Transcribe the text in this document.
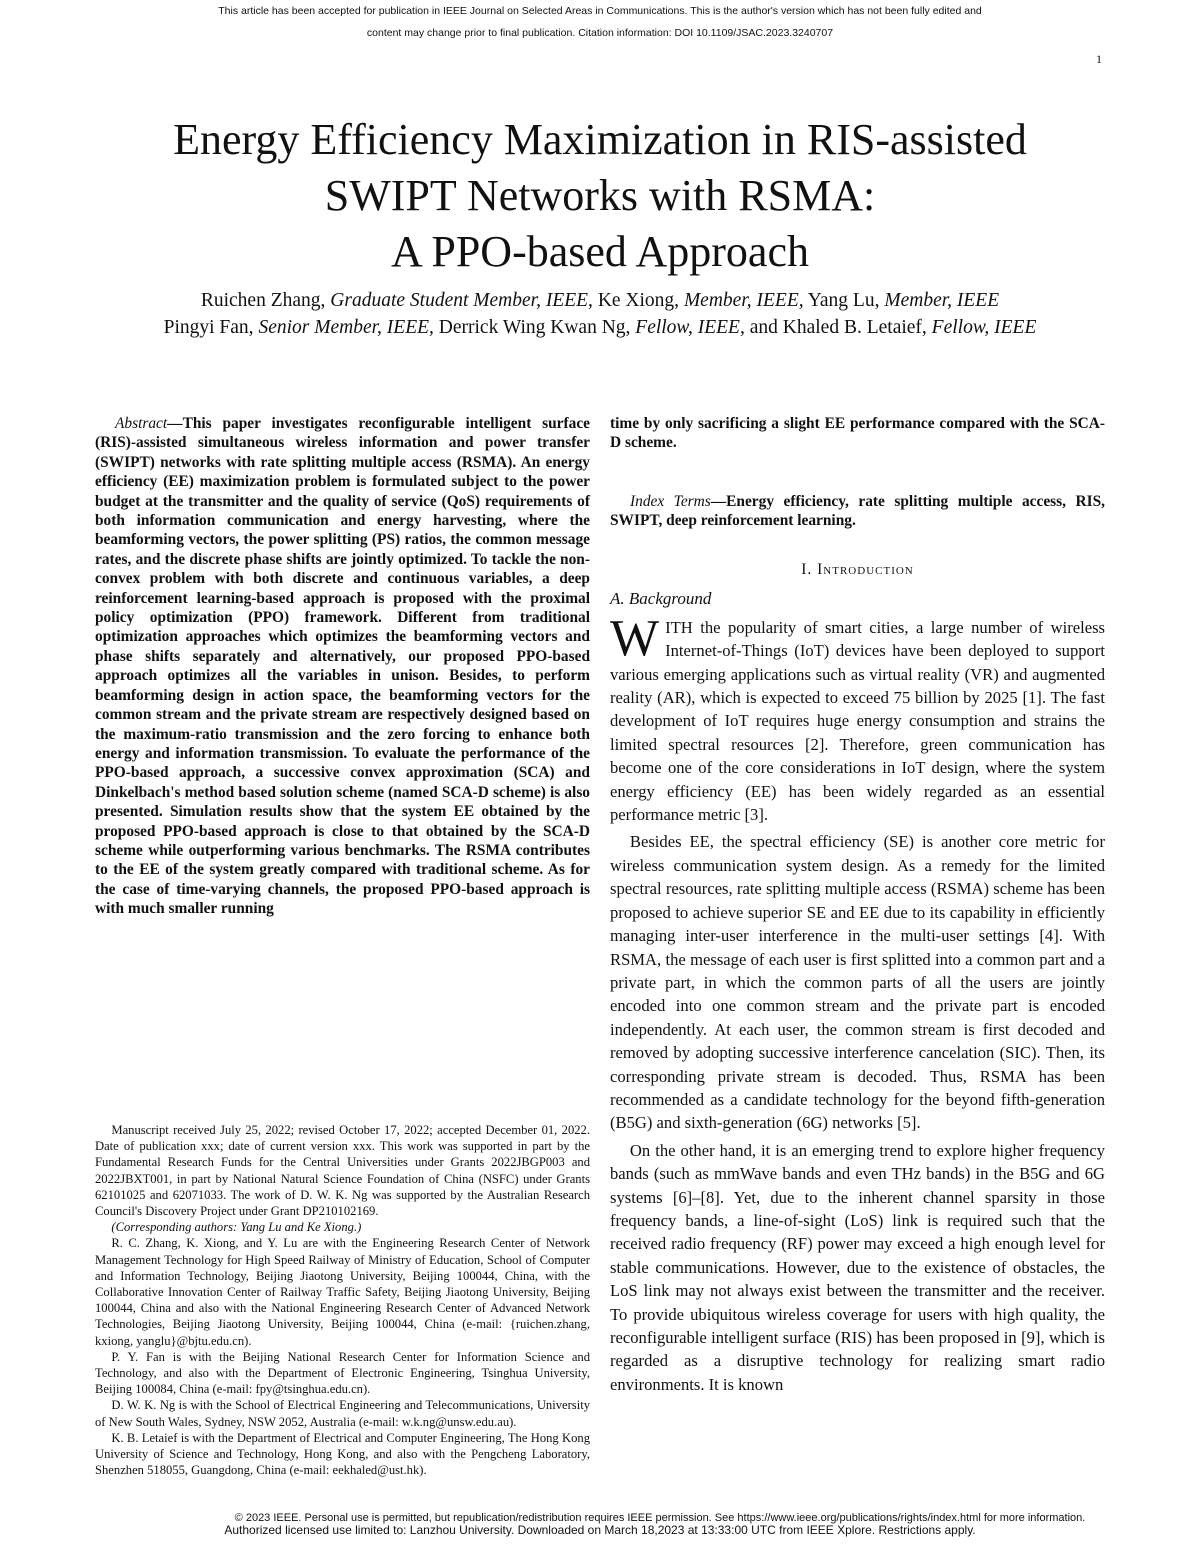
This article has been accepted for publication in IEEE Journal on Selected Areas in Communications. This is the author's version which has not been fully edited and
content may change prior to final publication. Citation information: DOI 10.1109/JSAC.2023.3240707
1
Energy Efficiency Maximization in RIS-assisted
SWIPT Networks with RSMA:
A PPO-based Approach
Ruichen Zhang, Graduate Student Member, IEEE, Ke Xiong, Member, IEEE, Yang Lu, Member, IEEE
Pingyi Fan, Senior Member, IEEE, Derrick Wing Kwan Ng, Fellow, IEEE, and Khaled B. Letaief, Fellow, IEEE

Abstract—This paper investigates reconfigurable intelligent surface (RIS)-assisted simultaneous wireless information and power transfer (SWIPT) networks with rate splitting multiple access (RSMA). An energy efficiency (EE) maximization problem is formulated subject to the power budget at the transmitter and the quality of service (QoS) requirements of both information communication and energy harvesting, where the beamforming vectors, the power splitting (PS) ratios, the common message rates, and the discrete phase shifts are jointly optimized. To tackle the non-convex problem with both discrete and continuous variables, a deep reinforcement learning-based approach is proposed with the proximal policy optimization (PPO) framework. Different from traditional optimization approaches which optimizes the beamforming vectors and phase shifts separately and alternatively, our proposed PPO-based approach optimizes all the variables in unison. Besides, to perform beamforming design in action space, the beamforming vectors for the common stream and the private stream are respectively designed based on the maximum-ratio transmission and the zero forcing to enhance both energy and information transmission. To evaluate the performance of the PPO-based approach, a successive convex approximation (SCA) and Dinkelbach's method based solution scheme (named SCA-D scheme) is also presented. Simulation results show that the system EE obtained by the proposed PPO-based approach is close to that obtained by the SCA-D scheme while outperforming various benchmarks. The RSMA contributes to the EE of the system greatly compared with traditional scheme. As for the case of time-varying channels, the proposed PPO-based approach is with much smaller running

Manuscript received July 25, 2022; revised October 17, 2022; accepted December 01, 2022. Date of publication xxx; date of current version xxx. This work was supported in part by the Fundamental Research Funds for the Central Universities under Grants 2022JBGP003 and 2022JBXT001, in part by National Natural Science Foundation of China (NSFC) under Grants 62101025 and 62071033. The work of D. W. K. Ng was supported by the Australian Research Council's Discovery Project under Grant DP210102169.

(Corresponding authors: Yang Lu and Ke Xiong.)

R. C. Zhang, K. Xiong, and Y. Lu are with the Engineering Research Center of Network Management Technology for High Speed Railway of Ministry of Education, School of Computer and Information Technology, Beijing Jiaotong University, Beijing 100044, China, with the Collaborative Innovation Center of Railway Traffic Safety, Beijing Jiaotong University, Beijing 100044, China and also with the National Engineering Research Center of Advanced Network Technologies, Beijing Jiaotong University, Beijing 100044, China (e-mail: {ruichen.zhang, kxiong, yanglu}@bjtu.edu.cn).

P. Y. Fan is with the Beijing National Research Center for Information Science and Technology, and also with the Department of Electronic Engineering, Tsinghua University, Beijing 100084, China (e-mail: fpy@tsinghua.edu.cn).

D. W. K. Ng is with the School of Electrical Engineering and Telecommunications, University of New South Wales, Sydney, NSW 2052, Australia (e-mail: w.k.ng@unsw.edu.au).

K. B. Letaief is with the Department of Electrical and Computer Engineering, The Hong Kong University of Science and Technology, Hong Kong, and also with the Pengcheng Laboratory, Shenzhen 518055, Guangdong, China (e-mail: eekhaled@ust.hk).

time by only sacrificing a slight EE performance compared with the SCA-D scheme.

Index Terms—Energy efficiency, rate splitting multiple access, RIS, SWIPT, deep reinforcement learning.

I. Introduction
A. Background

WITH the popularity of smart cities, a large number of wireless Internet-of-Things (IoT) devices have been deployed to support various emerging applications such as virtual reality (VR) and augmented reality (AR), which is expected to exceed 75 billion by 2025 [1]. The fast development of IoT requires huge energy consumption and strains the limited spectral resources [2]. Therefore, green communication has become one of the core considerations in IoT design, where the system energy efficiency (EE) has been widely regarded as an essential performance metric [3].

Besides EE, the spectral efficiency (SE) is another core metric for wireless communication system design. As a remedy for the limited spectral resources, rate splitting multiple access (RSMA) scheme has been proposed to achieve superior SE and EE due to its capability in efficiently managing inter-user interference in the multi-user settings [4]. With RSMA, the message of each user is first splitted into a common part and a private part, in which the common parts of all the users are jointly encoded into one common stream and the private part is encoded independently. At each user, the common stream is first decoded and removed by adopting successive interference cancelation (SIC). Then, its corresponding private stream is decoded. Thus, RSMA has been recommended as a candidate technology for the beyond fifth-generation (B5G) and sixth-generation (6G) networks [5].

On the other hand, it is an emerging trend to explore higher frequency bands (such as mmWave bands and even THz bands) in the B5G and 6G systems [6]–[8]. Yet, due to the inherent channel sparsity in those frequency bands, a line-of-sight (LoS) link is required such that the received radio frequency (RF) power may exceed a high enough level for stable communications. However, due to the existence of obstacles, the LoS link may not always exist between the transmitter and the receiver. To provide ubiquitous wireless coverage for users with high quality, the reconfigurable intelligent surface (RIS) has been proposed in [9], which is regarded as a disruptive technology for realizing smart radio environments. It is known

© 2023 IEEE. Personal use is permitted, but republication/redistribution requires IEEE permission. See https://www.ieee.org/publications/rights/index.html for more information.
Authorized licensed use limited to: Lanzhou University. Downloaded on March 18,2023 at 13:33:00 UTC from IEEE Xplore. Restrictions apply.
